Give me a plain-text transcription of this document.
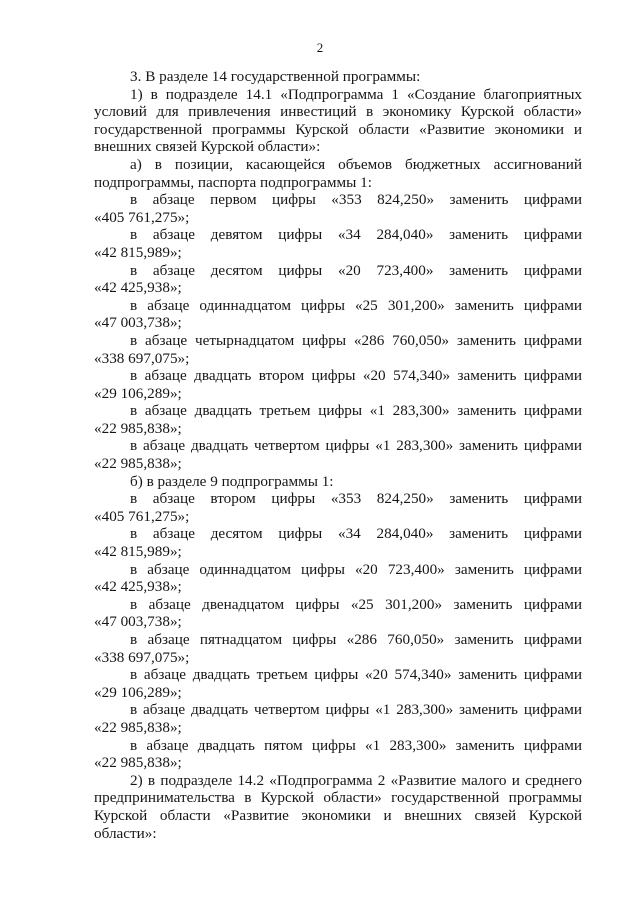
2

3. В разделе 14 государственной программы:

1) в подразделе 14.1 «Подпрограмма 1 «Создание благоприятных условий для привлечения инвестиций в экономику Курской области» государственной программы Курской области «Развитие экономики и внешних связей Курской области»:

а) в позиции, касающейся объемов бюджетных ассигнований подпрограммы, паспорта подпрограммы 1:

в абзаце первом цифры «353 824,250» заменить цифрами

«405 761,275»;

в абзаце девятом цифры «34 284,040» заменить цифрами

«42 815,989»;

в абзаце десятом цифры «20 723,400» заменить цифрами

«42 425,938»;

в абзаце одиннадцатом цифры «25 301,200» заменить цифрами

«47 003,738»;

в абзаце четырнадцатом цифры «286 760,050» заменить цифрами

«338 697,075»;

в абзаце двадцать втором цифры «20 574,340» заменить цифрами

«29 106,289»;

в абзаце двадцать третьем цифры «1 283,300» заменить цифрами

«22 985,838»;

в абзаце двадцать четвертом цифры «1 283,300» заменить цифрами

«22 985,838»;

б) в разделе 9 подпрограммы 1:

в абзаце втором цифры «353 824,250» заменить цифрами

«405 761,275»;

в абзаце десятом цифры «34 284,040» заменить цифрами

«42 815,989»;

в абзаце одиннадцатом цифры «20 723,400» заменить цифрами

«42 425,938»;

в абзаце двенадцатом цифры «25 301,200» заменить цифрами

«47 003,738»;

в абзаце пятнадцатом цифры «286 760,050» заменить цифрами

«338 697,075»;

в абзаце двадцать третьем цифры «20 574,340» заменить цифрами

«29 106,289»;

в абзаце двадцать четвертом цифры «1 283,300» заменить цифрами

«22 985,838»;

в абзаце двадцать пятом цифры «1 283,300» заменить цифрами

«22 985,838»;

2) в подразделе 14.2 «Подпрограмма 2 «Развитие малого и среднего предпринимательства в Курской области» государственной программы Курской области «Развитие экономики и внешних связей Курской области»:
